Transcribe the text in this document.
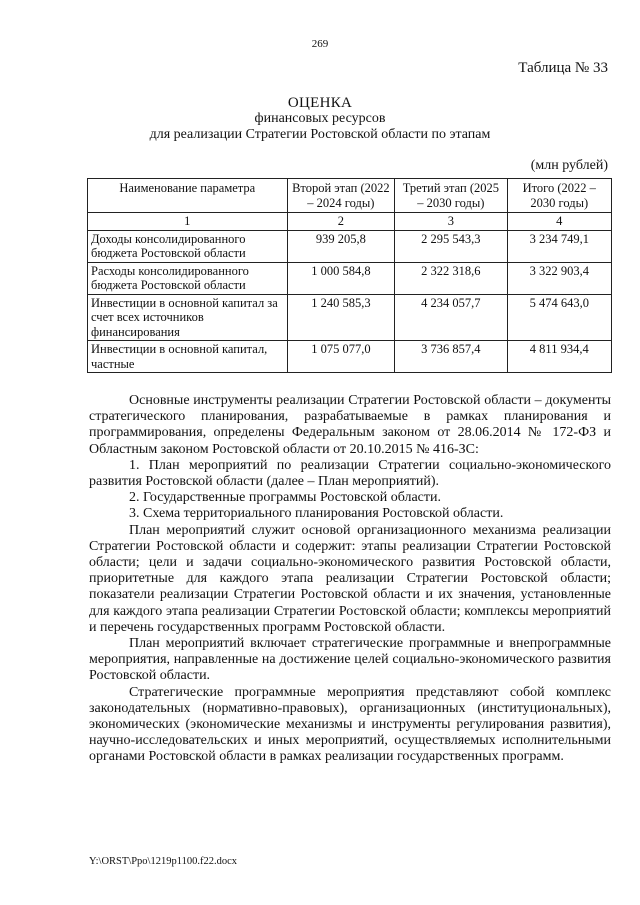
269
Таблица № 33
ОЦЕНКА
финансовых ресурсов
для реализации Стратегии Ростовской области по этапам
(млн рублей)
Наименование параметра	Второй этап (2022 – 2024 годы)	Третий этап (2025 – 2030 годы)	Итого (2022 – 2030 годы)
1	2	3	4
Доходы консолидированного бюджета Ростовской области	939 205,8	2 295 543,3	3 234 749,1
Расходы консолидированного бюджета Ростовской области	1 000 584,8	2 322 318,6	3 322 903,4
Инвестиции в основной капитал за счет всех источников финансирования	1 240 585,3	4 234 057,7	5 474 643,0
Инвестиции в основной капитал, частные	1 075 077,0	3 736 857,4	4 811 934,4

Основные инструменты реализации Стратегии Ростовской области – документы стратегического планирования, разрабатываемые в рамках планирования и программирования, определены Федеральным законом от 28.06.2014 № 172-ФЗ и Областным законом Ростовской области от 20.10.2015 № 416-ЗС:

1. План мероприятий по реализации Стратегии социально-экономического развития Ростовской области (далее – План мероприятий).

2. Государственные программы Ростовской области.

3. Схема территориального планирования Ростовской области.

План мероприятий служит основой организационного механизма реализации Стратегии Ростовской области и содержит: этапы реализации Стратегии Ростовской области; цели и задачи социально-экономического развития Ростовской области, приоритетные для каждого этапа реализации Стратегии Ростовской области; показатели реализации Стратегии Ростовской области и их значения, установленные для каждого этапа реализации Стратегии Ростовской области; комплексы мероприятий и перечень государственных программ Ростовской области.

План мероприятий включает стратегические программные и внепрограммные мероприятия, направленные на достижение целей социально-экономического развития Ростовской области.

Стратегические программные мероприятия представляют собой комплекс законодательных (нормативно-правовых), организационных (институциональных), экономических (экономические механизмы и инструменты регулирования развития), научно-исследовательских и иных мероприятий, осуществляемых исполнительными органами Ростовской области в рамках реализации государственных программ.

Y:\ORST\Ppo\1219p1100.f22.docx
